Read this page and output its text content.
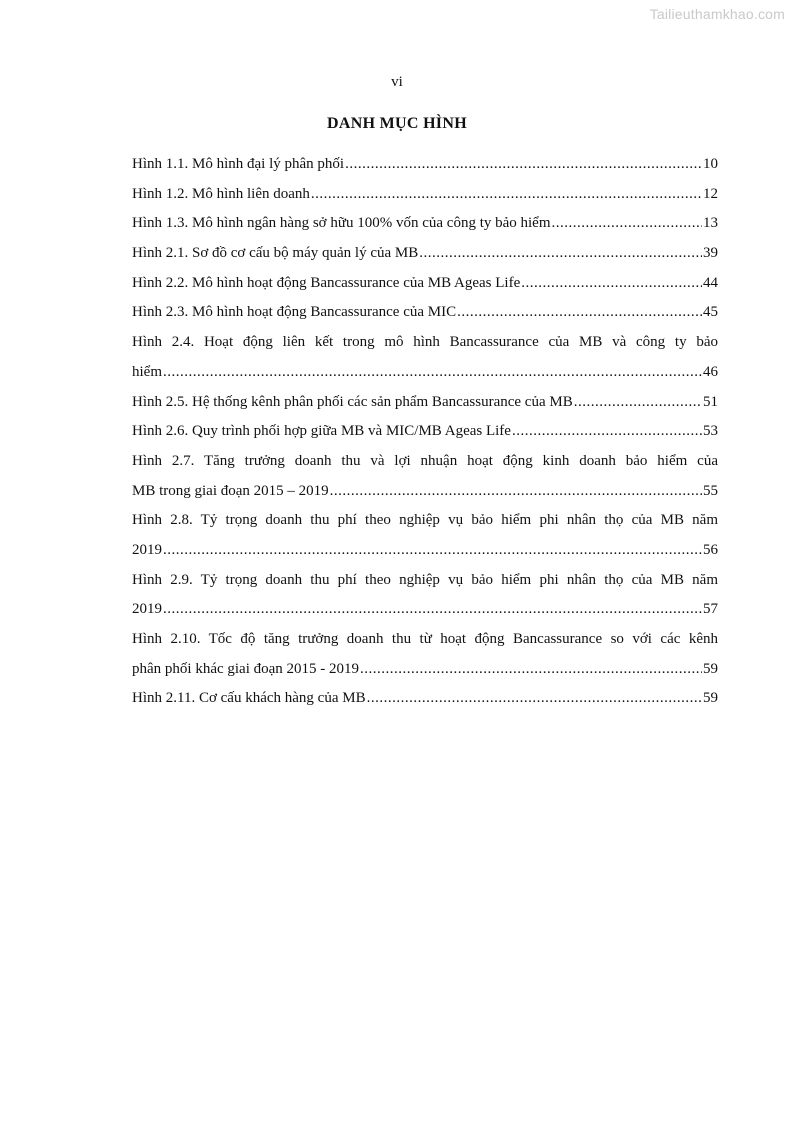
Tailieuthamkhao.com
vi
DANH MỤC HÌNH
Hình 1.1. Mô hình đại lý phân phối .....	10
Hình 1.2. Mô hình liên doanh .....	12
Hình 1.3. Mô hình ngân hàng sở hữu 100% vốn của công ty bảo hiểm .....	13
Hình 2.1. Sơ đồ cơ cấu bộ máy quản lý của MB .....	39
Hình 2.2. Mô hình hoạt động Bancassurance của MB Ageas Life .....	44
Hình 2.3. Mô hình hoạt động Bancassurance của MIC .....	45
Hình 2.4. Hoạt động liên kết trong mô hình Bancassurance của MB và công ty bảo
hiểm .....	46
Hình 2.5. Hệ thống kênh phân phối các sản phẩm Bancassurance của MB .....	51
Hình 2.6. Quy trình phối hợp giữa MB và MIC/MB Ageas Life .....	53
Hình 2.7. Tăng trưởng doanh thu và lợi nhuận hoạt động kinh doanh bảo hiểm của
MB trong giai đoạn 2015 – 2019 .....	55
Hình 2.8. Tỷ trọng doanh thu phí theo nghiệp vụ bảo hiểm phi nhân thọ của MB năm
2019 .....	56
Hình 2.9. Tỷ trọng doanh thu phí theo nghiệp vụ bảo hiểm phi nhân thọ của MB năm
2019 .....	57
Hình 2.10. Tốc độ tăng trưởng doanh thu từ hoạt động Bancassurance so với các kênh
phân phối khác giai đoạn 2015 - 2019 .....	59
Hình 2.11. Cơ cấu khách hàng của MB .....	59
